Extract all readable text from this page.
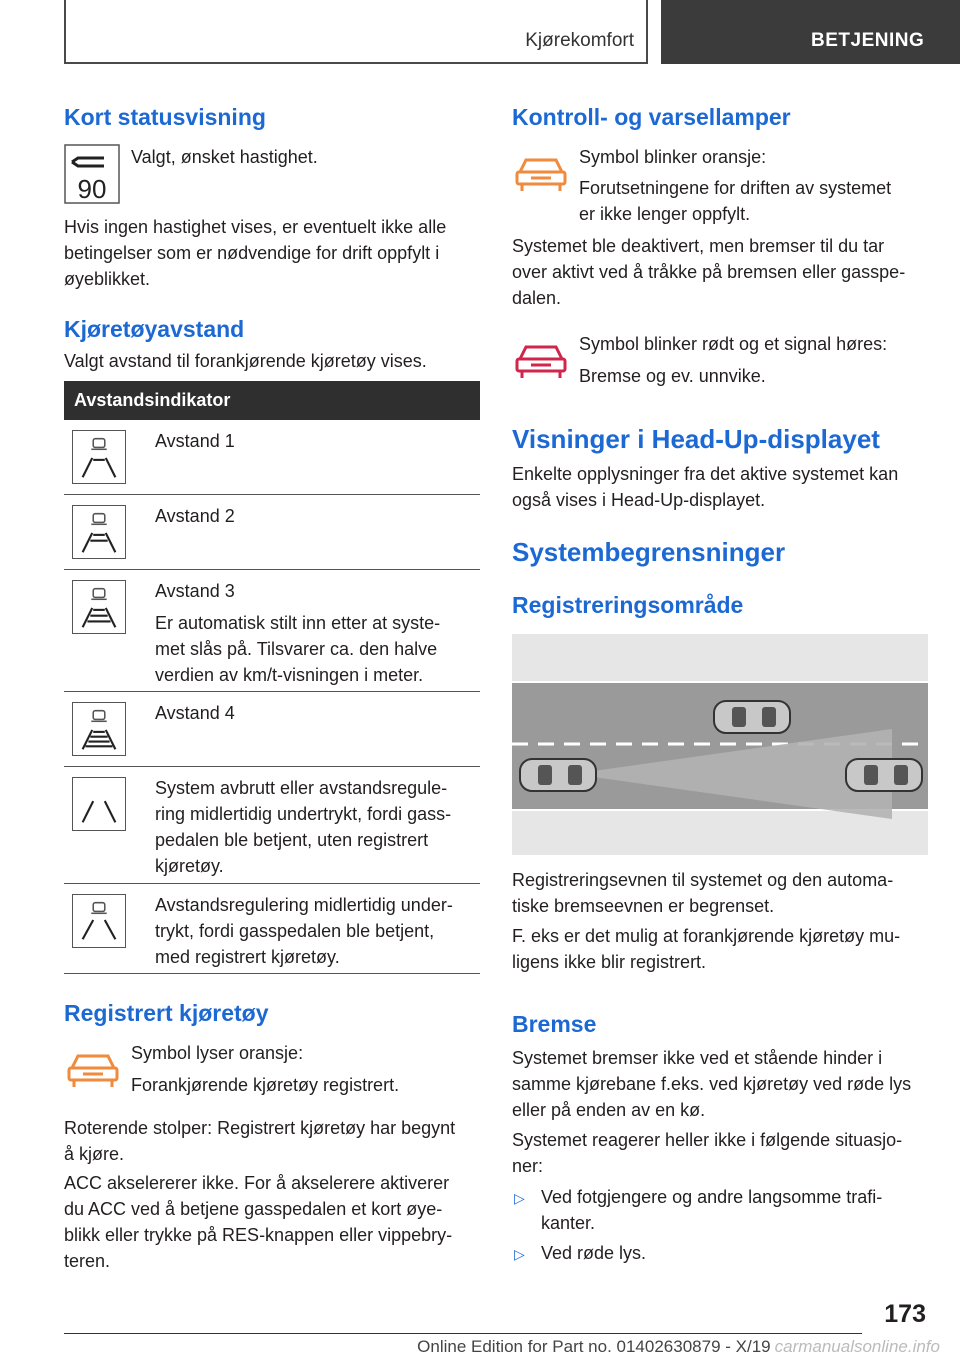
Kjørekomfort	BETJENING
Kort statusvisning
90
Valgt, ønsket hastighet.
Hvis ingen hastighet vises, er eventuelt ikke alle
betingelser som er nødvendige for drift oppfylt i
øyeblikket.
Kjøretøyavstand
Valgt avstand til forankjørende kjøretøy vises.
Avstandsindikator
Avstand 1
Avstand 2
Avstand 3
Er automatisk stilt inn etter at syste-
met slås på. Tilsvarer ca. den halve
verdien av km/t-visningen i meter.
Avstand 4
System avbrutt eller avstandsregule-
ring midlertidig undertrykt, fordi gass-
pedalen ble betjent, uten registrert
kjøretøy.
Avstandsregulering midlertidig under-
trykt, fordi gasspedalen ble betjent,
med registrert kjøretøy.
Registrert kjøretøy
Symbol lyser oransje:
Forankjørende kjøretøy registrert.
Roterende stolper: Registrert kjøretøy har begynt
å kjøre.
ACC akselererer ikke. For å akselerere aktiverer
du ACC ved å betjene gasspedalen et kort øye-
blikk eller trykke på RES-knappen eller vippebry-
teren.
Kontroll- og varsellamper
Symbol blinker oransje:
Forutsetningene for driften av systemet
er ikke lenger oppfylt.
Systemet ble deaktivert, men bremser til du tar
over aktivt ved å tråkke på bremsen eller gasspe-
dalen.
Symbol blinker rødt og et signal høres:
Bremse og ev. unnvike.
Visninger i Head-Up-displayet
Enkelte opplysninger fra det aktive systemet kan
også vises i Head-Up-displayet.
Systembegrensninger
Registreringsområde
Registreringsevnen til systemet og den automa-
tiske bremseevnen er begrenset.
F. eks er det mulig at forankjørende kjøretøy mu-
ligens ikke blir registrert.
Bremse
Systemet bremser ikke ved et stående hinder i
samme kjørebane f.eks. ved kjøretøy ved røde lys
eller på enden av en kø.
Systemet reagerer heller ikke i følgende situasjo-
ner:
▷ Ved fotgjengere og andre langsomme trafi-
kanter.
▷ Ved røde lys.
173
Online Edition for Part no. 01402630879 - X/19 carmanualsonline.info
